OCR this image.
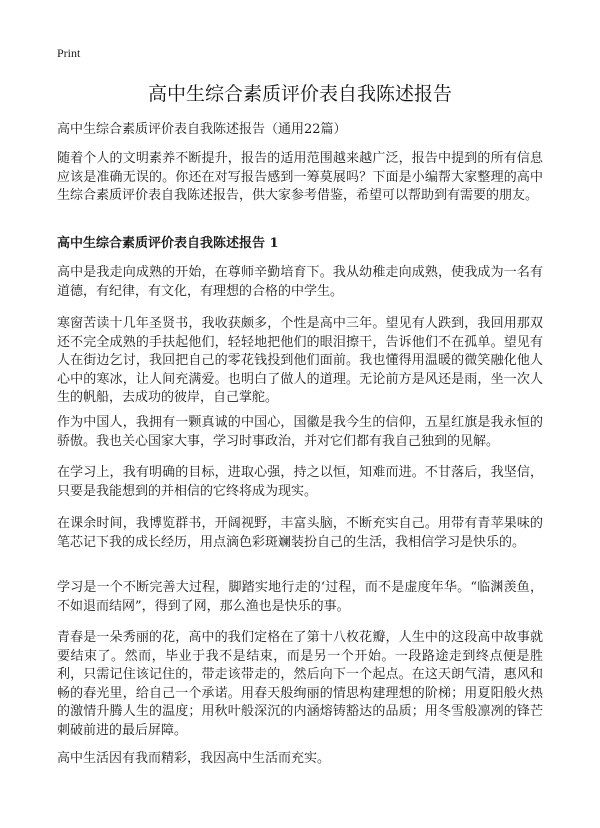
Print
高中生综合素质评价表自我陈述报告
高中生综合素质评价表自我陈述报告（通用22篇）

随着个人的文明素养不断提升，报告的适用范围越来越广泛，报告中提到的所有信息应该是准确无误的。你还在对写报告感到一筹莫展吗？下面是小编帮大家整理的高中生综合素质评价表自我陈述报告，供大家参考借鉴，希望可以帮助到有需要的朋友。

高中生综合素质评价表自我陈述报告 1

高中是我走向成熟的开始，在尊师辛勤培育下。我从幼稚走向成熟，使我成为一名有道德，有纪律，有文化，有理想的合格的中学生。

寒窗苦读十几年圣贤书，我收获颇多，个性是高中三年。望见有人跌到，我回用那双还不完全成熟的手扶起他们，轻轻地把他们的眼泪擦干，告诉他们不在孤单。望见有人在街边乞讨，我回把自己的零花钱投到他们面前。我也懂得用温暖的微笑融化他人心中的寒冰，让人间充满爱。也明白了做人的道理。无论前方是风还是雨，坐一次人生的帆船，去成功的彼岸，自己掌舵。

作为中国人，我拥有一颗真诚的中国心，国徽是我今生的信仰，五星红旗是我永恒的骄傲。我也关心国家大事，学习时事政治，并对它们都有我自己独到的见解。

在学习上，我有明确的目标，进取心强，持之以恒，知难而进。不甘落后，我坚信，只要是我能想到的并相信的它终将成为现实。

在课余时间，我博览群书，开阔视野，丰富头脑，不断充实自己。用带有青苹果味的笔芯记下我的成长经历，用点滴色彩斑斓装扮自己的生活，我相信学习是快乐的。

学习是一个不断完善大过程，脚踏实地行走的‘过程，而不是虚度年华。“临渊羡鱼，不如退而结网”，得到了网，那么渔也是快乐的事。

青春是一朵秀丽的花，高中的我们定格在了第十八枚花瓣，人生中的这段高中故事就要结束了。然而，毕业于我不是结束，而是另一个开始。一段路途走到终点便是胜利，只需记住该记住的，带走该带走的，然后向下一个起点。在这天朗气清，惠风和畅的春光里，给自己一个承诺。用春天般绚丽的情思构建理想的阶梯；用夏阳般火热的激情升腾人生的温度；用秋叶般深沉的内涵熔铸豁达的品质；用冬雪般凛冽的锋芒刺破前进的最后屏障。

高中生活因有我而精彩，我因高中生活而充实。
